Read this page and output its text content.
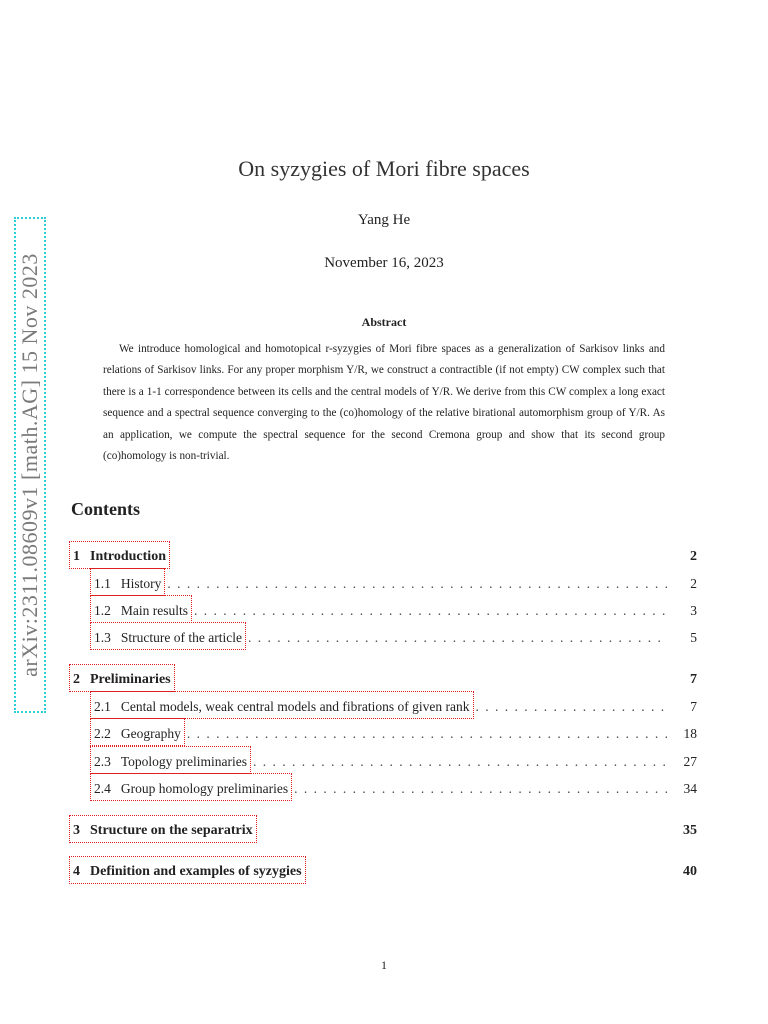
arXiv:2311.08609v1 [math.AG] 15 Nov 2023
On syzygies of Mori fibre spaces
Yang He
November 16, 2023
Abstract
We introduce homological and homotopical r-syzygies of Mori fibre spaces as a generalization of Sarkisov links and relations of Sarkisov links. For any proper morphism Y/R, we construct a contractible (if not empty) CW complex such that there is a 1-1 correspondence between its cells and the central models of Y/R. We derive from this CW complex a long exact sequence and a spectral sequence converging to the (co)homology of the relative birational automorphism group of Y/R. As an application, we compute the spectral sequence for the second Cremona group and show that its second group (co)homology is non-trivial.
Contents
1 Introduction	2
1.1 History . . .	2
1.2 Main results . . .	3
1.3 Structure of the article . . .	5
2 Preliminaries	7
2.1 Cental models, weak central models and fibrations of given rank . . .	7
2.2 Geography . . .	18
2.3 Topology preliminaries . . .	27
2.4 Group homology preliminaries . . .	34
3 Structure on the separatrix	35
4 Definition and examples of syzygies	40
1
